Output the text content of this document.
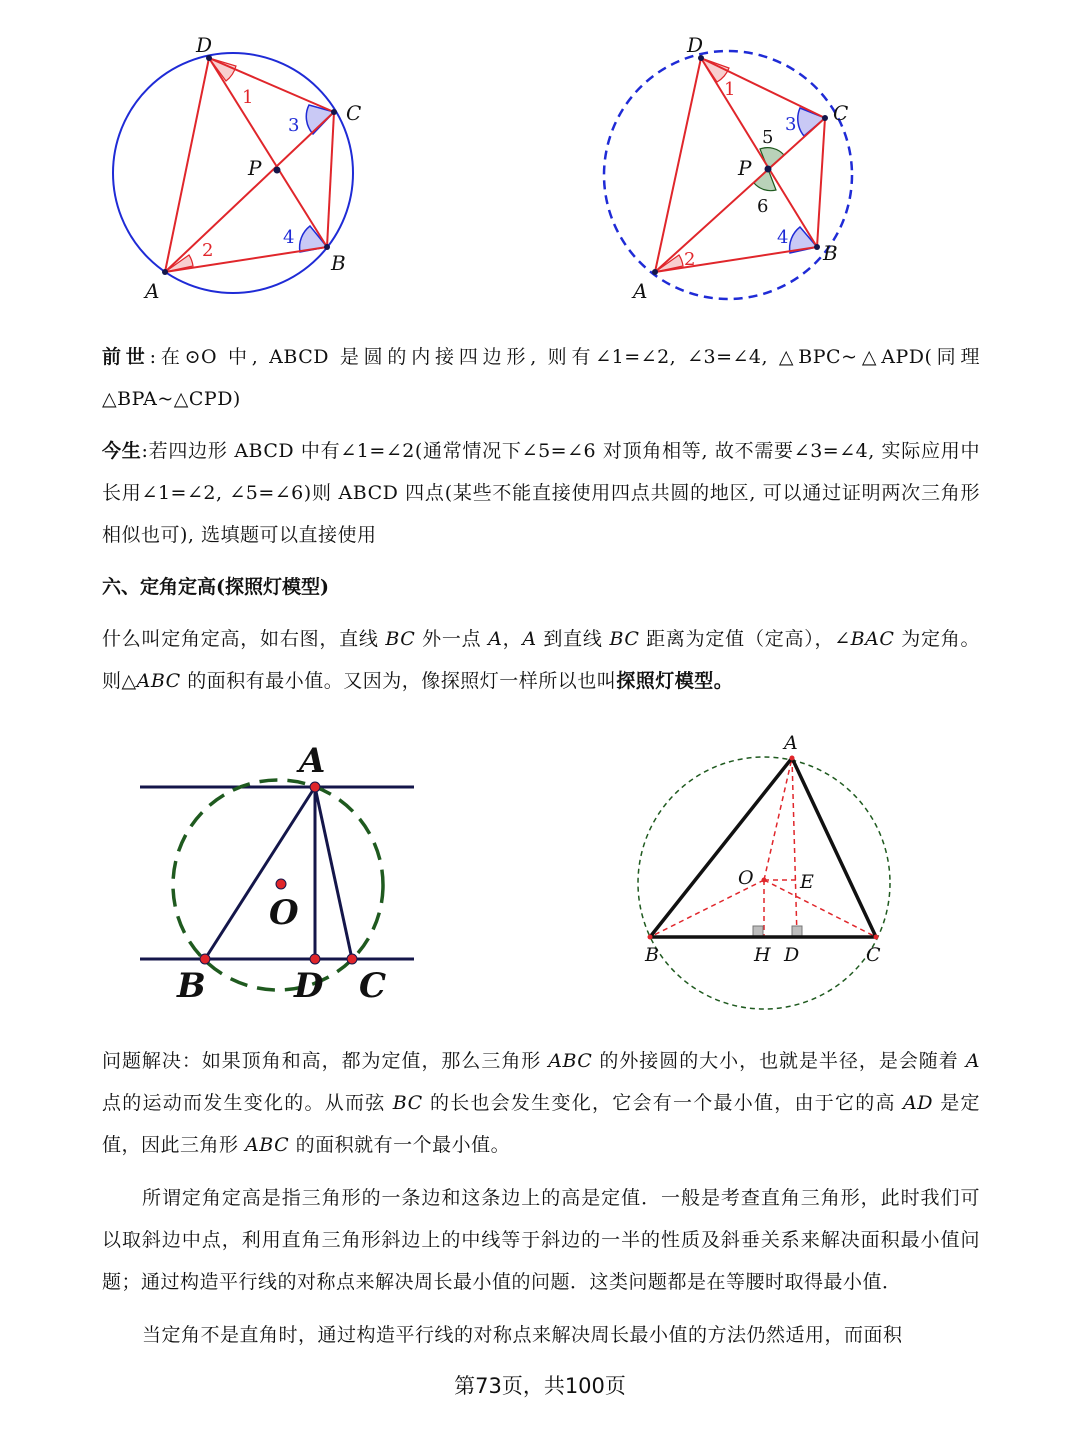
D
C
P
A
B
1
2
3
4
D
C
P
A
B
1
2
3
4
5
6
前世:在⊙O 中, ABCD 是圆的内接四边形, 则有∠1=∠2, ∠3=∠4, △BPC~△APD(同理△BPA~△CPD)
今生:若四边形 ABCD 中有∠1=∠2(通常情况下∠5=∠6 对顶角相等, 故不需要∠3=∠4, 实际应用中长用∠1=∠2, ∠5=∠6)则 ABCD 四点(某些不能直接使用四点共圆的地区, 可以通过证明两次三角形相似也可), 选填题可以直接使用
六、定角定高(探照灯模型)
什么叫定角定高，如右图，直线 BC 外一点 A，A 到直线 BC 距离为定值（定高），∠BAC 为定角。则△ABC 的面积有最小值。又因为，像探照灯一样所以也叫探照灯模型。
A
O
B	D C
A
O E
B	H D	C
问题解决：如果顶角和高，都为定值，那么三角形 ABC 的外接圆的大小，也就是半径，是会随着 A 点的运动而发生变化的。从而弦 BC 的长也会发生变化，它会有一个最小值，由于它的高 AD 是定值，因此三角形 ABC 的面积就有一个最小值。
所谓定角定高是指三角形的一条边和这条边上的高是定值．一般是考查直角三角形，此时我们可以取斜边中点，利用直角三角形斜边上的中线等于斜边的一半的性质及斜垂关系来解决面积最小值问题；通过构造平行线的对称点来解决周长最小值的问题．这类问题都是在等腰时取得最小值．
当定角不是直角时，通过构造平行线的对称点来解决周长最小值的方法仍然适用，而面积
第73页，共100页
